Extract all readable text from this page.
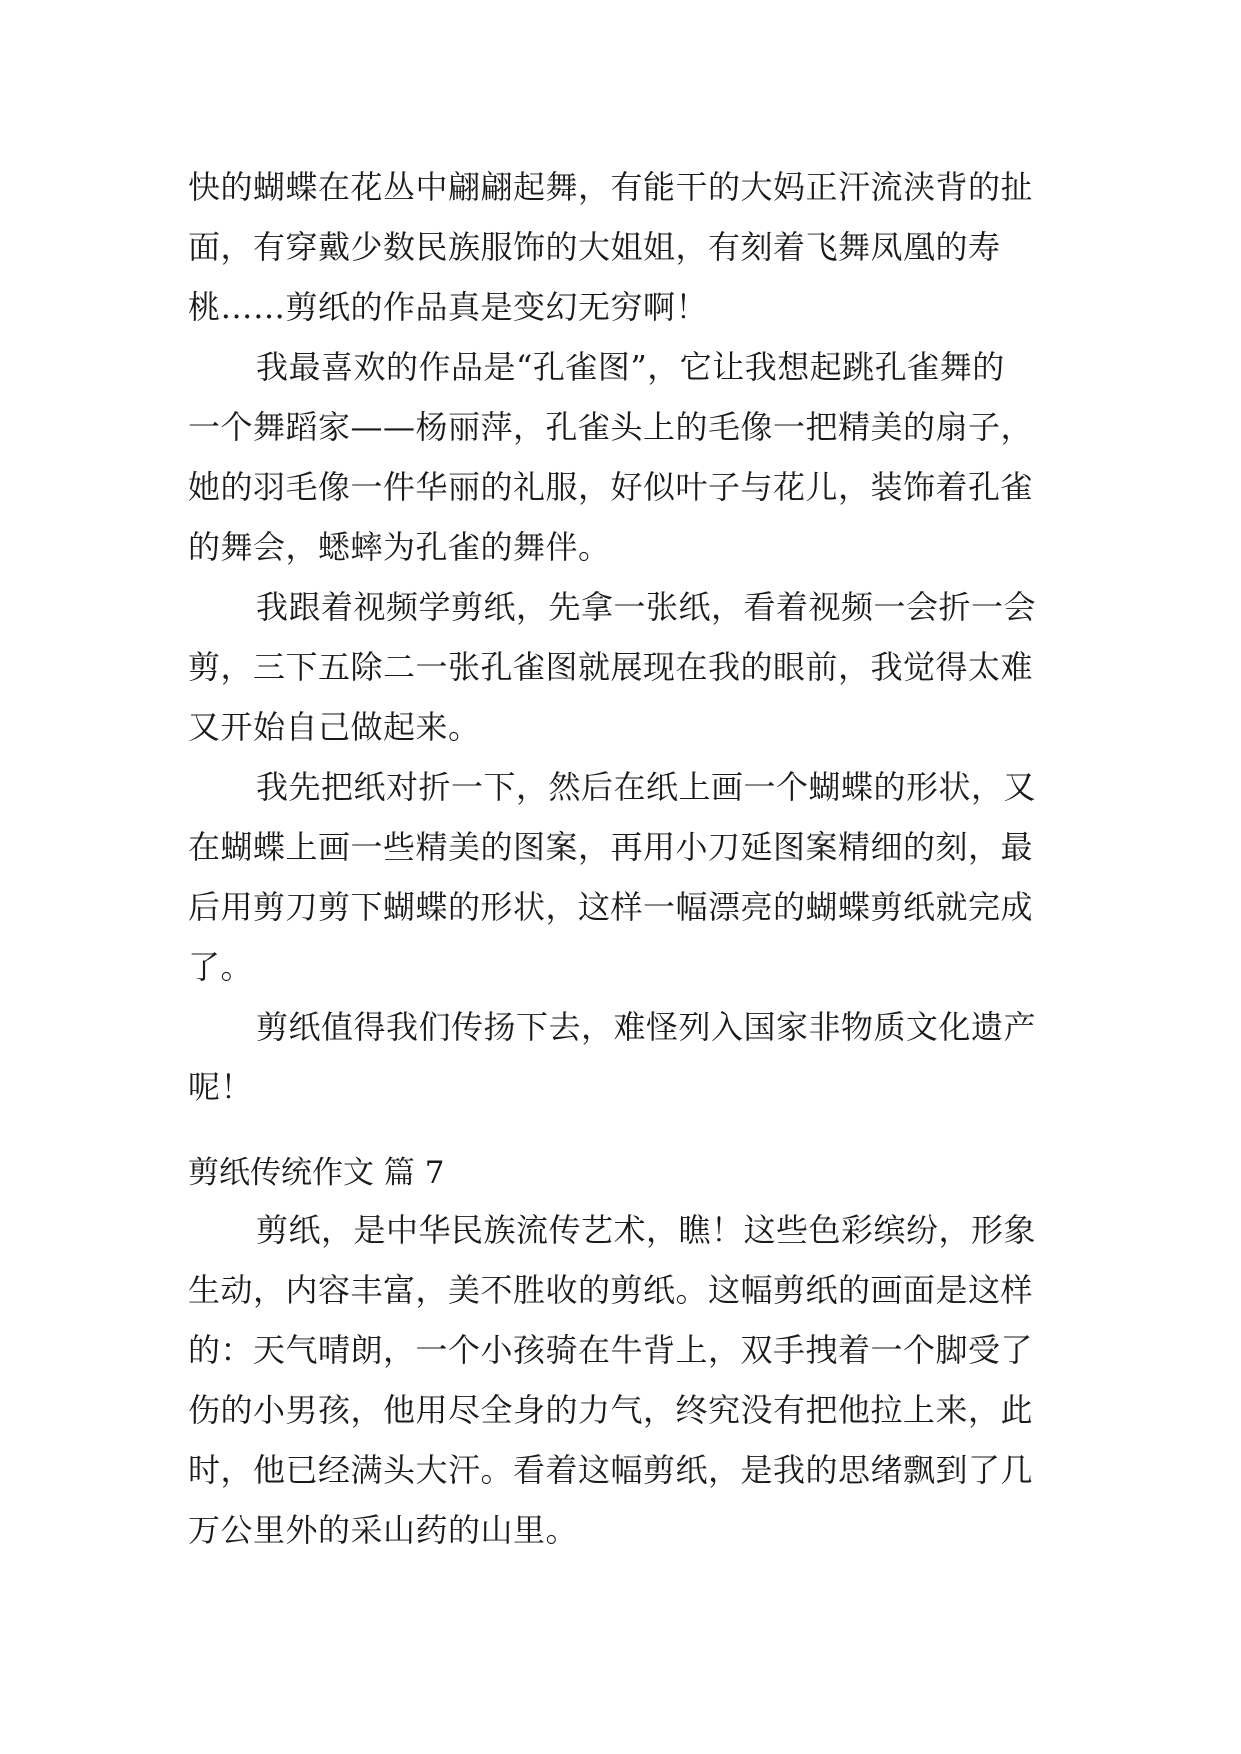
快的蝴蝶在花丛中翩翩起舞，有能干的大妈正汗流浃背的扯
面，有穿戴少数民族服饰的大姐姐，有刻着飞舞凤凰的寿
桃……剪纸的作品真是变幻无穷啊！
我最喜欢的作品是“孔雀图”，它让我想起跳孔雀舞的
一个舞蹈家——杨丽萍，孔雀头上的毛像一把精美的扇子，
她的羽毛像一件华丽的礼服，好似叶子与花儿，装饰着孔雀
的舞会，蟋蟀为孔雀的舞伴。
我跟着视频学剪纸，先拿一张纸，看着视频一会折一会
剪，三下五除二一张孔雀图就展现在我的眼前，我觉得太难
又开始自己做起来。
我先把纸对折一下，然后在纸上画一个蝴蝶的形状，又
在蝴蝶上画一些精美的图案，再用小刀延图案精细的刻，最
后用剪刀剪下蝴蝶的形状，这样一幅漂亮的蝴蝶剪纸就完成
了。
剪纸值得我们传扬下去，难怪列入国家非物质文化遗产
呢！
剪纸传统作文 篇 7
剪纸，是中华民族流传艺术，瞧！这些色彩缤纷，形象
生动，内容丰富，美不胜收的剪纸。这幅剪纸的画面是这样
的：天气晴朗，一个小孩骑在牛背上，双手拽着一个脚受了
伤的小男孩，他用尽全身的力气，终究没有把他拉上来，此
时，他已经满头大汗。看着这幅剪纸，是我的思绪飘到了几
万公里外的采山药的山里。
